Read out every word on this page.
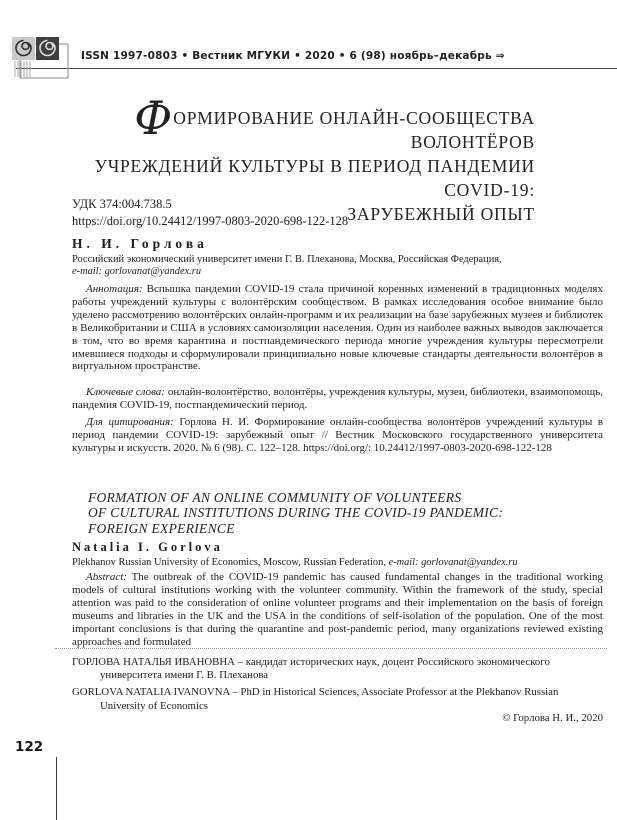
ISSN 1997-0803 • Вестник МГУКИ • 2020 • 6 (98) ноябрь–декабрь ⇒
ФОРМИРОВАНИЕ ОНЛАЙН-СООБЩЕСТВА ВОЛОНТЁРОВ
УЧРЕЖДЕНИЙ КУЛЬТУРЫ В ПЕРИОД ПАНДЕМИИ COVID-19:
ЗАРУБЕЖНЫЙ ОПЫТ
УДК 374:004.738.5
https://doi.org/10.24412/1997-0803-2020-698-122-128
Н. И. Горлова
Российский экономический университет имени Г. В. Плеханова, Москва, Российская Федерация,
e-mail: gorlovanat@yandex.ru

Аннотация: Вспышка пандемии COVID-19 стала причиной коренных изменений в традиционных моделях работы учреждений культуры с волонтёрским сообществом. В рамках исследования особое внимание было уделено рассмотрению волонтёрских онлайн-программ и их реализации на базе зарубежных музеев и библиотек в Великобритании и США в условиях самоизоляции населения. Один из наиболее важных выводов заключается в том, что во время карантина и постпандемического периода многие учреждения культуры пересмотрели имевшиеся подходы и сформулировали принципиально новые ключевые стандарты деятельности волонтёров в виртуальном пространстве.

Ключевые слова: онлайн-волонтёрство, волонтёры, учреждения культуры, музеи, библиотеки, взаимопомощь, пандемия COVID-19, постпандемический период.

Для цитирования: Горлова Н. И. Формирование онлайн-сообщества волонтёров учреждений культуры в период пандемии COVID-19: зарубежный опыт // Вестник Московского государственного университета культуры и искусств. 2020. № 6 (98). С. 122–128. https://doi.org/: 10.24412/1997-0803-2020-698-122-128

FORMATION OF AN ONLINE COMMUNITY OF VOLUNTEERS
OF CULTURAL INSTITUTIONS DURING THE COVID-19 PANDEMIC:
FOREIGN EXPERIENCE
Natalia I. Gorlova
Plekhanov Russian University of Economics, Moscow, Russian Federation, e-mail: gorlovanat@yandex.ru

Abstract: The outbreak of the COVID-19 pandemic has caused fundamental changes in the traditional working models of cultural institutions working with the volunteer community. Within the framework of the study, special attention was paid to the consideration of online volunteer programs and their implementation on the basis of foreign museums and libraries in the UK and the USA in the conditions of self-isolation of the population. One of the most important conclusions is that during the quarantine and post-pandemic period, many organizations reviewed existing approaches and formulated

ГОРЛОВА НАТАЛЬЯ ИВАНОВНА – кандидат исторических наук, доцент Российского экономического университета имени Г. В. Плеханова

GORLOVA NATALIA IVANOVNA – PhD in Historical Sciences, Associate Professor at the Plekhanov Russian University of Economics

© Горлова Н. И., 2020
122
